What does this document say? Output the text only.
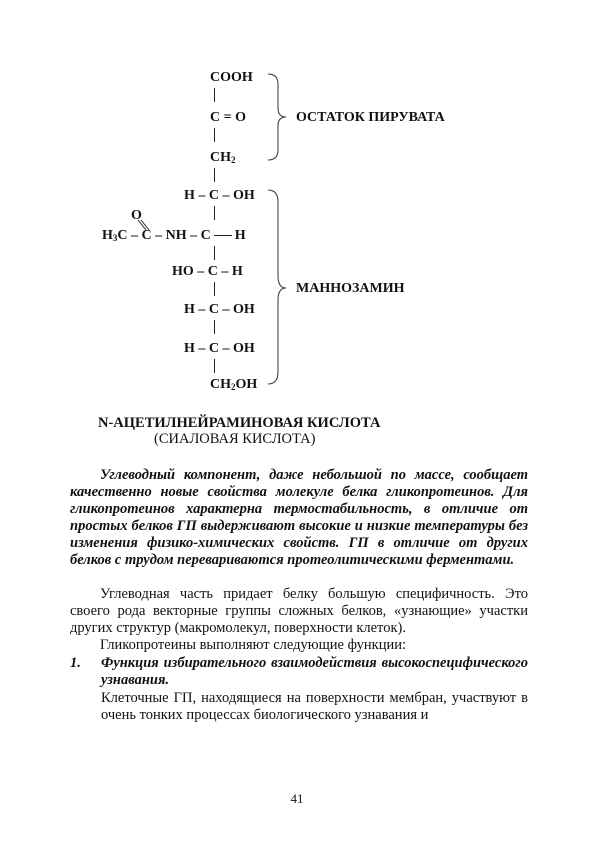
COOH
C = O
$CH_2$
H – C – OH
O
$H_3C$ – C – NH – C H
HO – C – H
H – C – OH
H – C – OH
$CH_2OH$
ОСТАТОК ПИРУВАТА
МАННОЗАМИН
N-АЦЕТИЛНЕЙРАМИНОВАЯ КИСЛОТА
(СИАЛОВАЯ КИСЛОТА)
Углеводный компонент, даже небольшой по массе, сообщает качественно новые свойства молекуле белка гликопротеинов. Для гликопротеинов характерна термостабильность, в отличие от простых белков ГП выдерживают высокие и низкие температуры без изменения физико-химических свойств. ГП в отличие от других белков с трудом перевариваются протеолитическими ферментами.
Углеводная часть придает белку большую специфичность. Это своего рода векторные группы сложных белков, «узнающие» участки других структур (макромолекул, поверхности клеток).
Гликопротеины выполняют следующие функции:
1. Функция избирательного взаимодействия высокоспецифического узнавания.
Клеточные ГП, находящиеся на поверхности мембран, участвуют в очень тонких процессах биологического узнавания и
41
